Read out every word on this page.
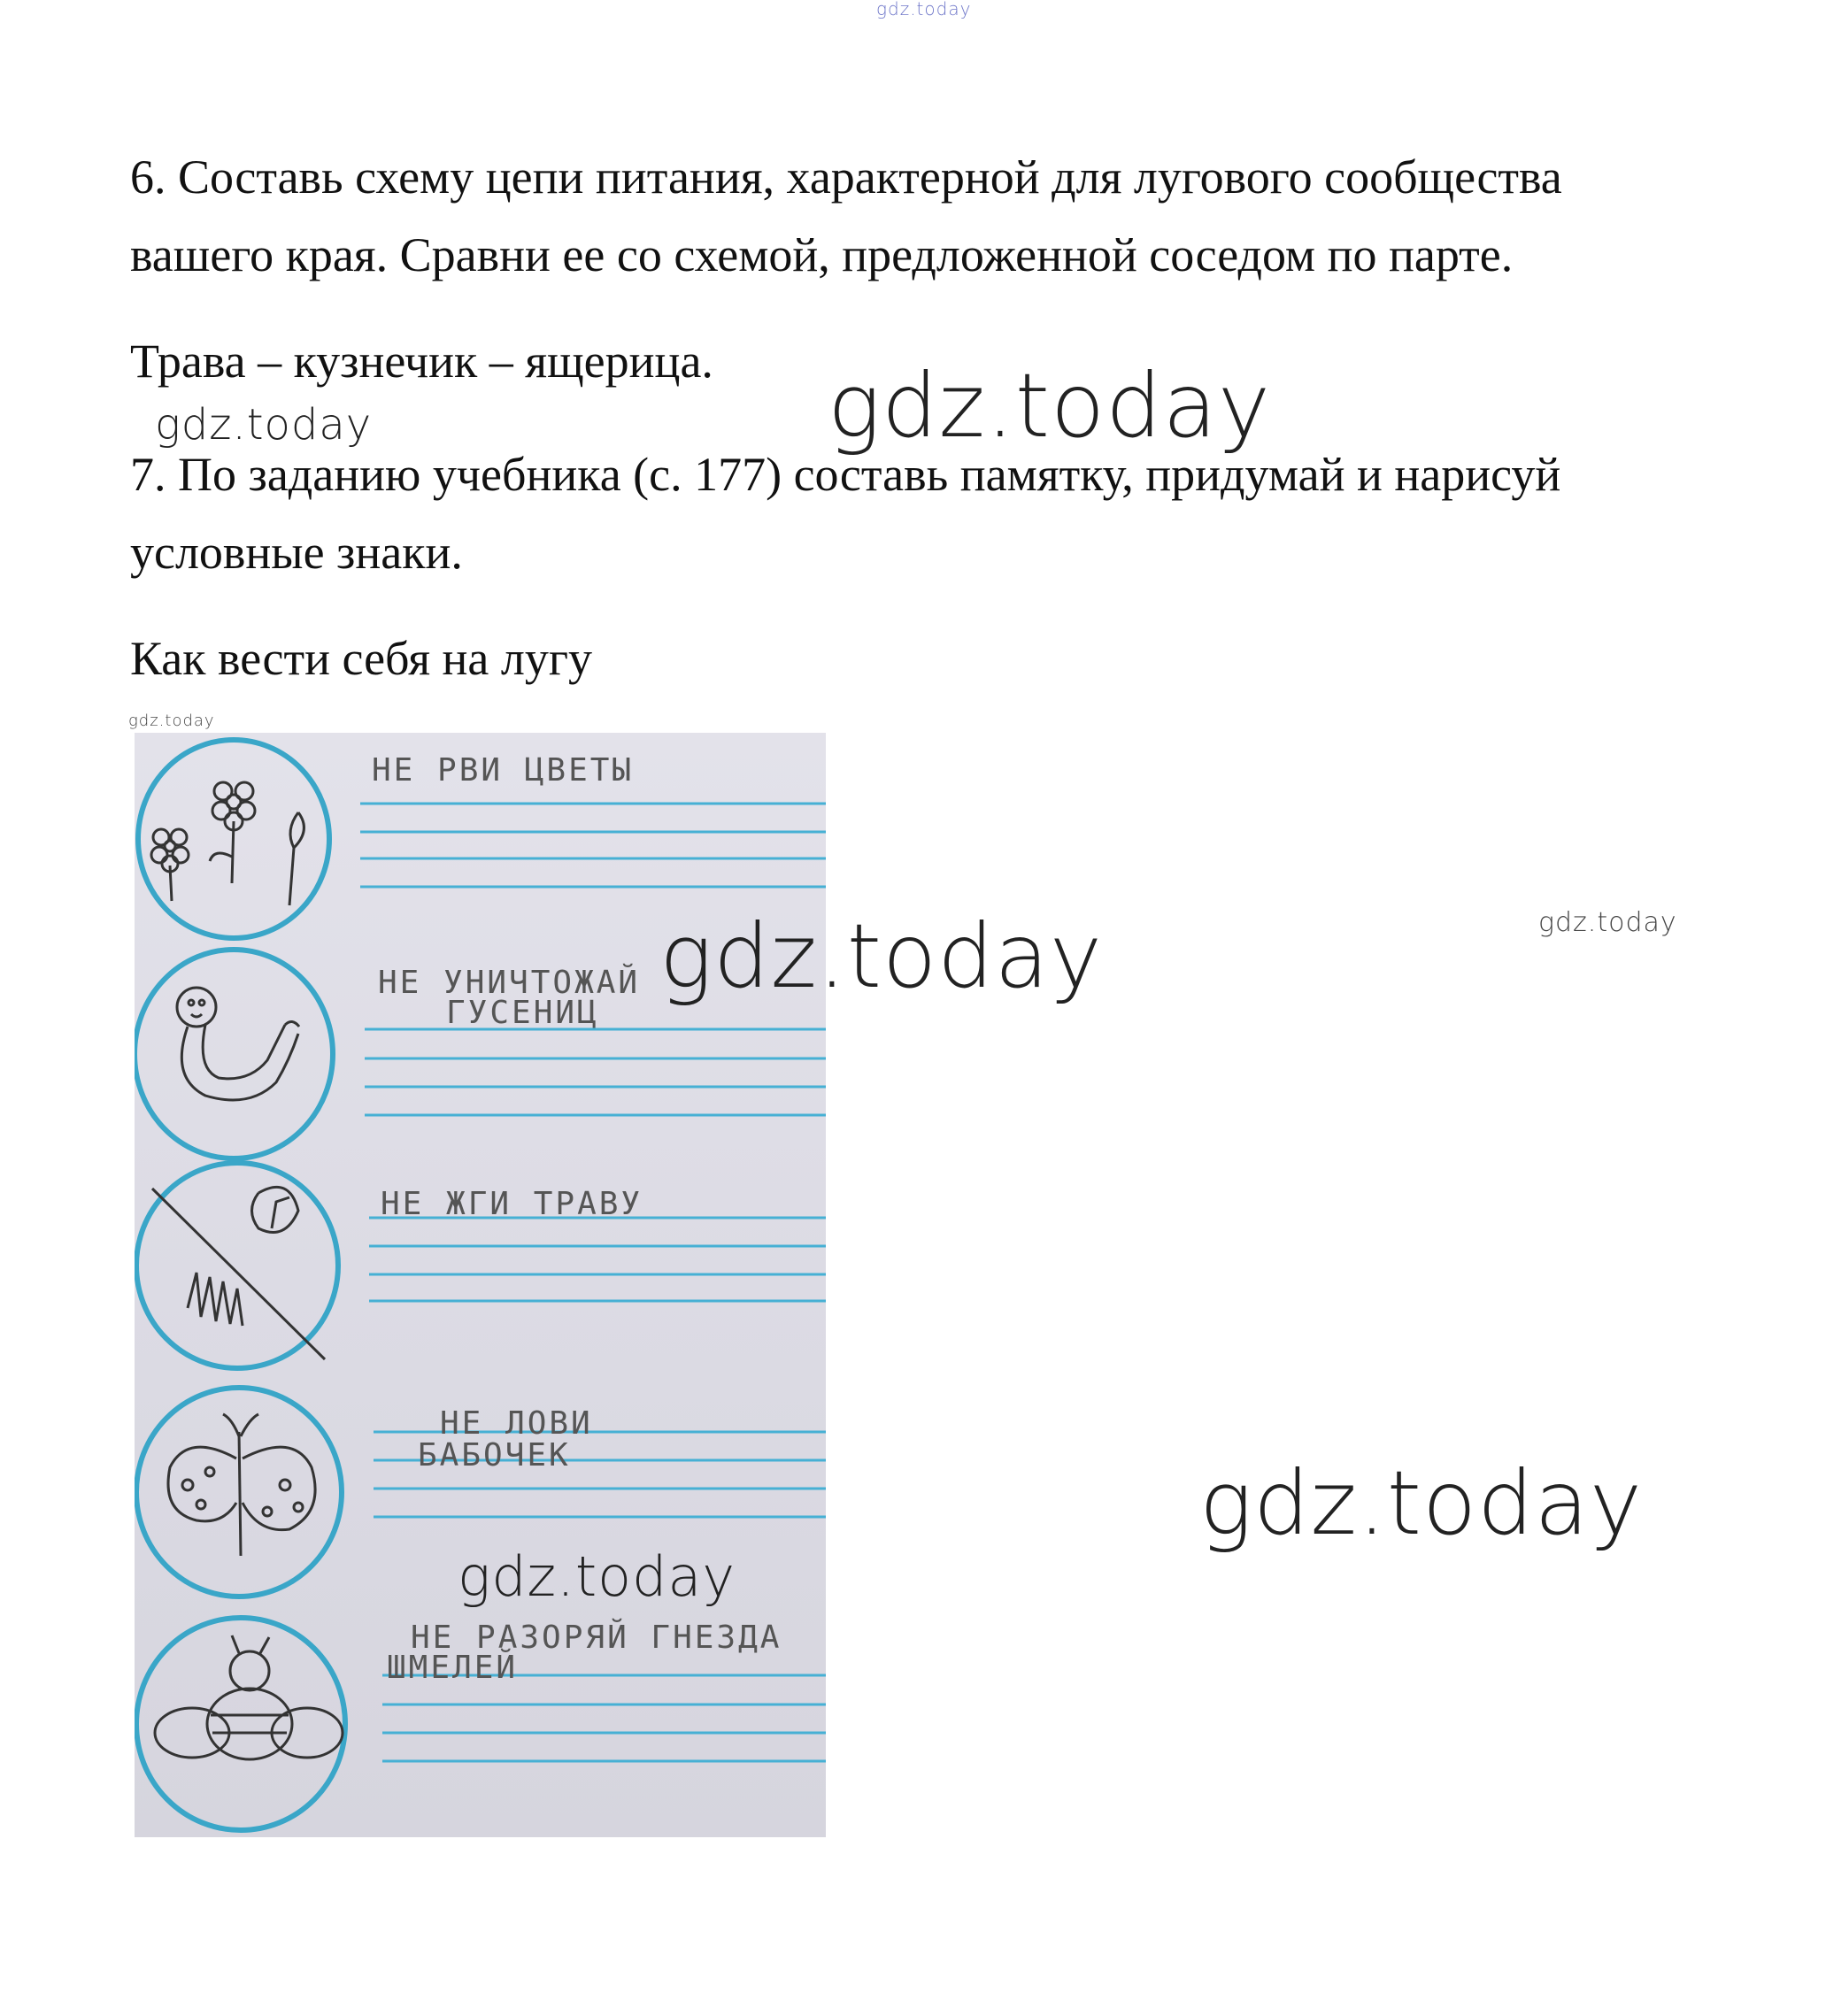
gdz.today

6. Составь схему цепи питания, характерной для лугового сообщества

вашего края. Сравни ее со схемой, предложенной соседом по парте.

Трава – кузнечик – ящерица.

gdz.today	gdz.today

7. По заданию учебника (с. 177) составь памятку, придумай и нарисуй

условные знаки.

Как вести себя на лугу

gdz.today
НЕ РВИ ЦВЕТЫ
НЕ УНИЧТОЖАЙ
ГУСЕНИЦ
НЕ ЖГИ ТРАВУ
НЕ ЛОВИ
БАБОЧЕК
НЕ РАЗОРЯЙ ГНЕЗДА
ШМЕЛЕЙ
gdz.today	gdz.today
gdz.today
gdz.today
